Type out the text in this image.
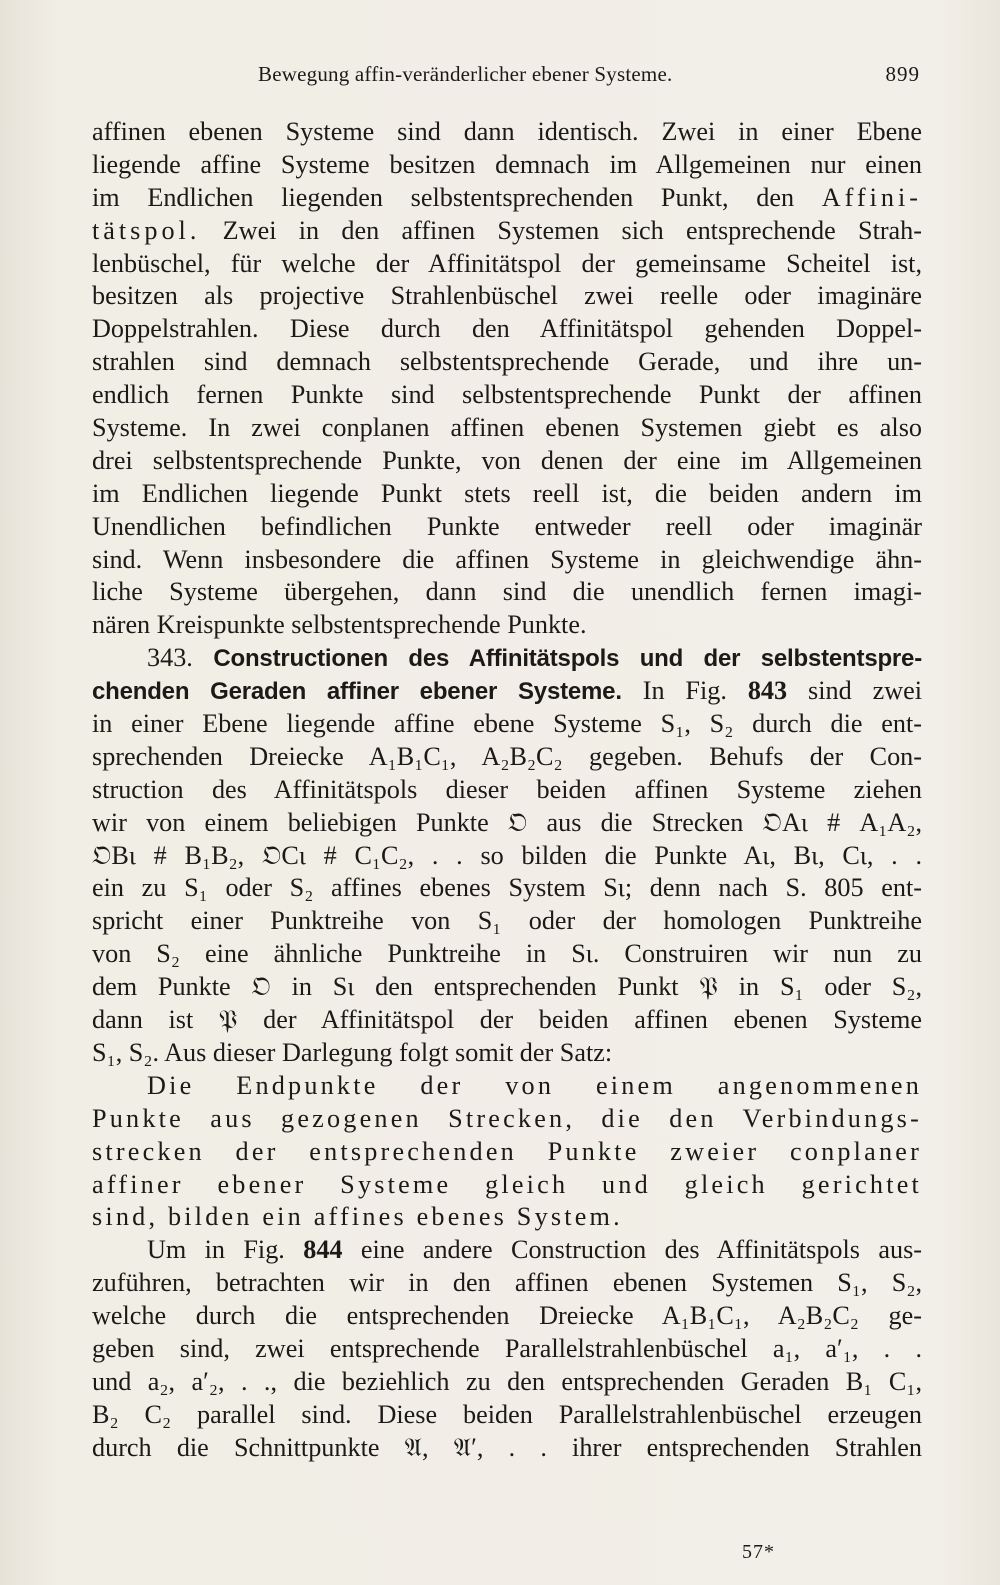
Bewegung affin-veränderlicher ebener Systeme.	899
affinen ebenen Systeme sind dann identisch. Zwei in einer Ebene
liegende affine Systeme besitzen demnach im Allgemeinen nur einen
im Endlichen liegenden selbstentsprechenden Punkt, den Affini-
tätspol. Zwei in den affinen Systemen sich entsprechende Strah-
lenbüschel, für welche der Affinitätspol der gemeinsame Scheitel ist,
besitzen als projective Strahlenbüschel zwei reelle oder imaginäre
Doppelstrahlen. Diese durch den Affinitätspol gehenden Doppel-
strahlen sind demnach selbstentsprechende Gerade, und ihre un-
endlich fernen Punkte sind selbstentsprechende Punkt der affinen
Systeme. In zwei conplanen affinen ebenen Systemen giebt es also
drei selbstentsprechende Punkte, von denen der eine im Allgemeinen
im Endlichen liegende Punkt stets reell ist, die beiden andern im
Unendlichen befindlichen Punkte entweder reell oder imaginär
sind. Wenn insbesondere die affinen Systeme in gleichwendige ähn-
liche Systeme übergehen, dann sind die unendlich fernen imagi-
nären Kreispunkte selbstentsprechende Punkte.
343. Constructionen des Affinitätspols und der selbstentspre-
chenden Geraden affiner ebener Systeme. In Fig. 843 sind zwei
in einer Ebene liegende affine ebene Systeme S₁, S₂ durch die ent-
sprechenden Dreiecke A₁B₁C₁, A₂B₂C₂ gegeben. Behufs der Con-
struction des Affinitätspols dieser beiden affinen Systeme ziehen
wir von einem beliebigen Punkte 𝔒 aus die Strecken 𝔒Aι # A₁A₂,
𝔒Bι # B₁B₂, 𝔒Cι # C₁C₂, . . so bilden die Punkte Aι, Bι, Cι, . .
ein zu S₁ oder S₂ affines ebenes System Sι; denn nach S. 805 ent-
spricht einer Punktreihe von S₁ oder der homologen Punktreihe
von S₂ eine ähnliche Punktreihe in Sι. Construiren wir nun zu
dem Punkte 𝔒 in Sι den entsprechenden Punkt 𝔓 in S₁ oder S₂,
dann ist 𝔓 der Affinitätspol der beiden affinen ebenen Systeme
S₁, S₂. Aus dieser Darlegung folgt somit der Satz:
Die Endpunkte der von einem angenommenen
Punkte aus gezogenen Strecken, die den Verbindungs-
strecken der entsprechenden Punkte zweier conplaner
affiner ebener Systeme gleich und gleich gerichtet
sind, bilden ein affines ebenes System.
Um in Fig. 844 eine andere Construction des Affinitätspols aus-
zuführen, betrachten wir in den affinen ebenen Systemen S₁, S₂,
welche durch die entsprechenden Dreiecke A₁B₁C₁, A₂B₂C₂ ge-
geben sind, zwei entsprechende Parallelstrahlenbüschel a₁, a′₁, . .
und a₂, a′₂, . ., die beziehlich zu den entsprechenden Geraden B₁ C₁,
B₂ C₂ parallel sind. Diese beiden Parallelstrahlenbüschel erzeugen
durch die Schnittpunkte 𝔄, 𝔄′, . . ihrer entsprechenden Strahlen
57*
